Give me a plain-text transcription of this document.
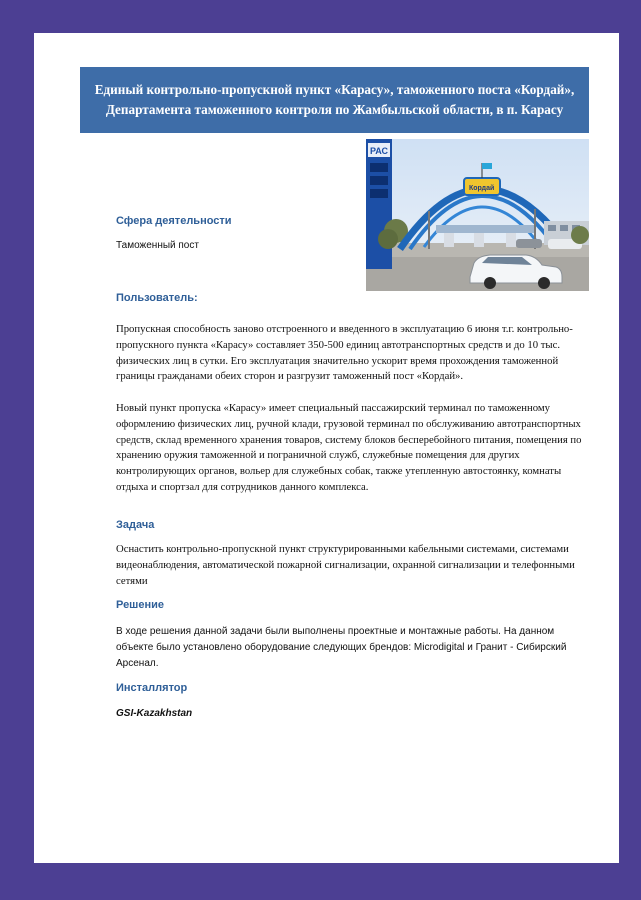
Единый контрольно-пропускной пункт «Карасу», таможенного поста «Кордай», Департамента таможенного контроля по Жамбыльской области, в п. Карасу
РАС
Кордай
Сфера деятельности
Таможенный пост
Пользователь:
Пропускная способность заново отстроенного и введенного в эксплуатацию 6 июня т.г. контрольно-пропускного пункта «Карасу» составляет 350-500 единиц автотранспортных средств и до 10 тыс. физических лиц в сутки. Его эксплуатация значительно ускорит время прохождения таможенной границы гражданами обеих сторон и разгрузит таможенный пост «Кордай».
Новый пункт пропуска «Карасу» имеет специальный пассажирский терминал по таможенному оформлению физических лиц, ручной клади, грузовой терминал по обслуживанию автотранспортных средств, склад временного хранения товаров, систему блоков бесперебойного питания, помещения по хранению оружия таможенной и пограничной служб, служебные помещения для других контролирующих органов, вольер для служебных собак, также утепленную автостоянку, комнаты отдыха и спортзал для сотрудников данного комплекса.
Задача
Оснастить контрольно-пропускной пункт структурированными кабельными системами, системами видеонаблюдения, автоматической пожарной сигнализации, охранной сигнализации и телефонными сетями
Решение
В ходе решения данной задачи были выполнены проектные и монтажные работы. На данном объекте было установлено оборудование следующих брендов: Microdigital и Гранит - Сибирский Арсенал.
Инсталлятор
GSI-Kazakhstan
